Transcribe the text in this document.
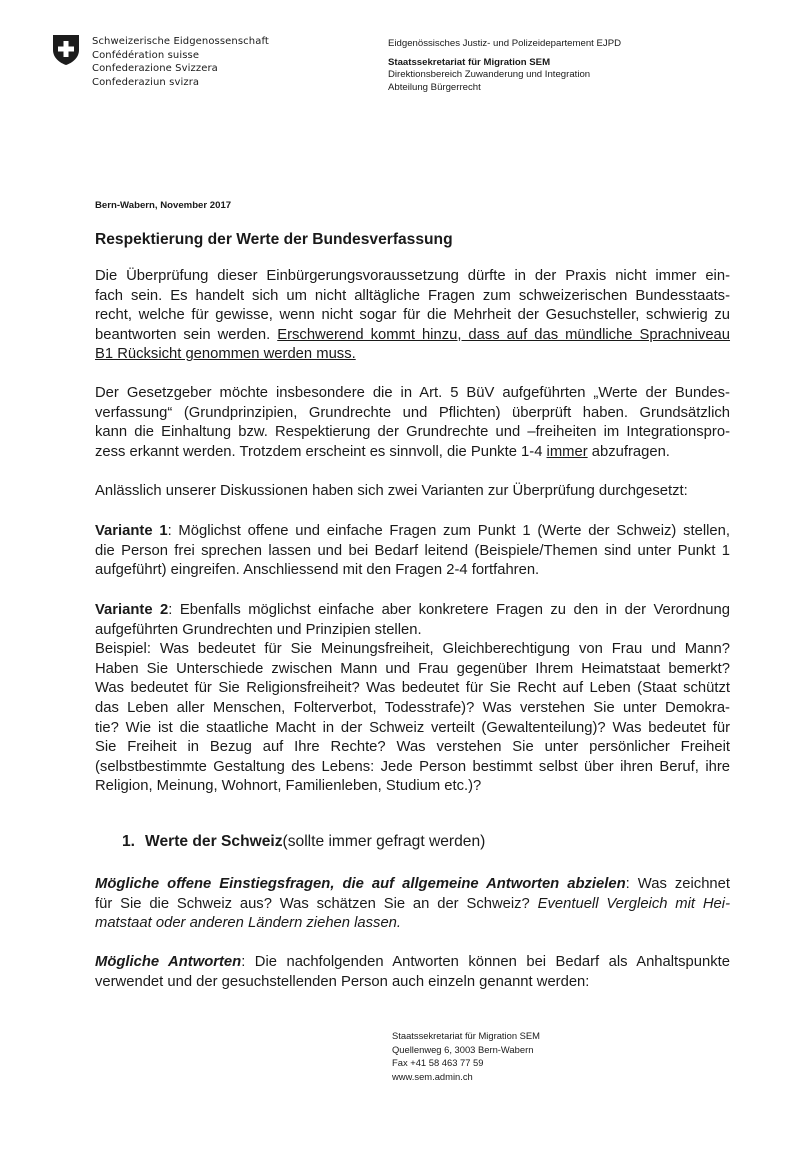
Schweizerische Eidgenossenschaft
Confédération suisse
Confederazione Svizzera
Confederaziun svizra
Eidgenössisches Justiz- und Polizeidepartement EJPD
Staatssekretariat für Migration SEM
Direktionsbereich Zuwanderung und Integration
Abteilung Bürgerrecht
Bern-Wabern, November 2017
Respektierung der Werte der Bundesverfassung
Die Überprüfung dieser Einbürgerungsvoraussetzung dürfte in der Praxis nicht immer ein-
fach sein. Es handelt sich um nicht alltägliche Fragen zum schweizerischen Bundesstaats-
recht, welche für gewisse, wenn nicht sogar für die Mehrheit der Gesuchsteller, schwierig zu
beantworten sein werden. Erschwerend kommt hinzu, dass auf das mündliche Sprachniveau
B1 Rücksicht genommen werden muss.
Der Gesetzgeber möchte insbesondere die in Art. 5 BüV aufgeführten „Werte der Bundes-
verfassung“ (Grundprinzipien, Grundrechte und Pflichten) überprüft haben. Grundsätzlich
kann die Einhaltung bzw. Respektierung der Grundrechte und –freiheiten im Integrationspro-
zess erkannt werden. Trotzdem erscheint es sinnvoll, die Punkte 1-4 immer abzufragen.
Anlässlich unserer Diskussionen haben sich zwei Varianten zur Überprüfung durchgesetzt:
Variante 1: Möglichst offene und einfache Fragen zum Punkt 1 (Werte der Schweiz) stellen,
die Person frei sprechen lassen und bei Bedarf leitend (Beispiele/Themen sind unter Punkt 1
aufgeführt) eingreifen. Anschliessend mit den Fragen 2-4 fortfahren.
Variante 2: Ebenfalls möglichst einfache aber konkretere Fragen zu den in der Verordnung
aufgeführten Grundrechten und Prinzipien stellen.
Beispiel: Was bedeutet für Sie Meinungsfreiheit, Gleichberechtigung von Frau und Mann?
Haben Sie Unterschiede zwischen Mann und Frau gegenüber Ihrem Heimatstaat bemerkt?
Was bedeutet für Sie Religionsfreiheit? Was bedeutet für Sie Recht auf Leben (Staat schützt
das Leben aller Menschen, Folterverbot, Todesstrafe)? Was verstehen Sie unter Demokra-
tie? Wie ist die staatliche Macht in der Schweiz verteilt (Gewaltenteilung)? Was bedeutet für
Sie Freiheit in Bezug auf Ihre Rechte? Was verstehen Sie unter persönlicher Freiheit
(selbstbestimmte Gestaltung des Lebens: Jede Person bestimmt selbst über ihren Beruf, ihre
Religion, Meinung, Wohnort, Familienleben, Studium etc.)?
1. Werte der Schweiz(sollte immer gefragt werden)
Mögliche offene Einstiegsfragen, die auf allgemeine Antworten abzielen: Was zeichnet
für Sie die Schweiz aus? Was schätzen Sie an der Schweiz? Eventuell Vergleich mit Hei-
matstaat oder anderen Ländern ziehen lassen.
Mögliche Antworten: Die nachfolgenden Antworten können bei Bedarf als Anhaltspunkte
verwendet und der gesuchstellenden Person auch einzeln genannt werden:
Staatssekretariat für Migration SEM
Quellenweg 6, 3003 Bern-Wabern
Fax +41 58 463 77 59
www.sem.admin.ch
